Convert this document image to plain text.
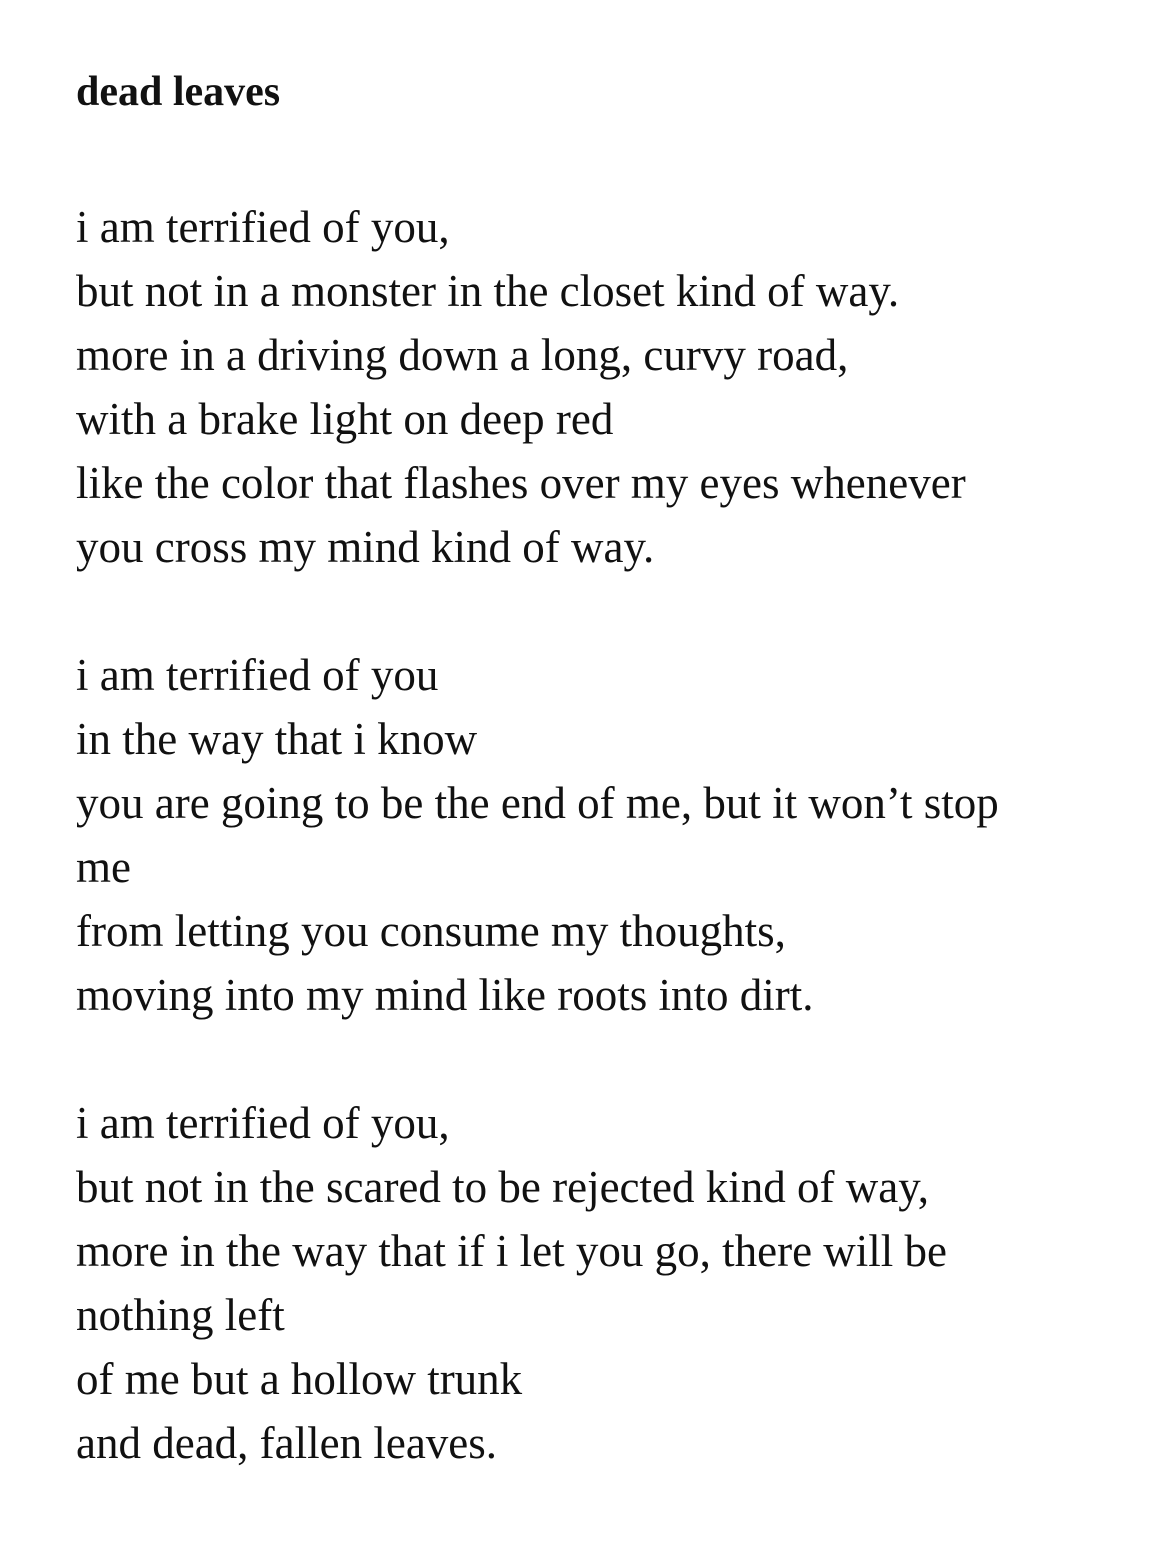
dead leaves
i am terrified of you,
but not in a monster in the closet kind of way.
more in a driving down a long, curvy road,
with a brake light on deep red
like the color that flashes over my eyes whenever
you cross my mind kind of way.
i am terrified of you
in the way that i know
you are going to be the end of me, but it won’t stop
me
from letting you consume my thoughts,
moving into my mind like roots into dirt.
i am terrified of you,
but not in the scared to be rejected kind of way,
more in the way that if i let you go, there will be
nothing left
of me but a hollow trunk
and dead, fallen leaves.
